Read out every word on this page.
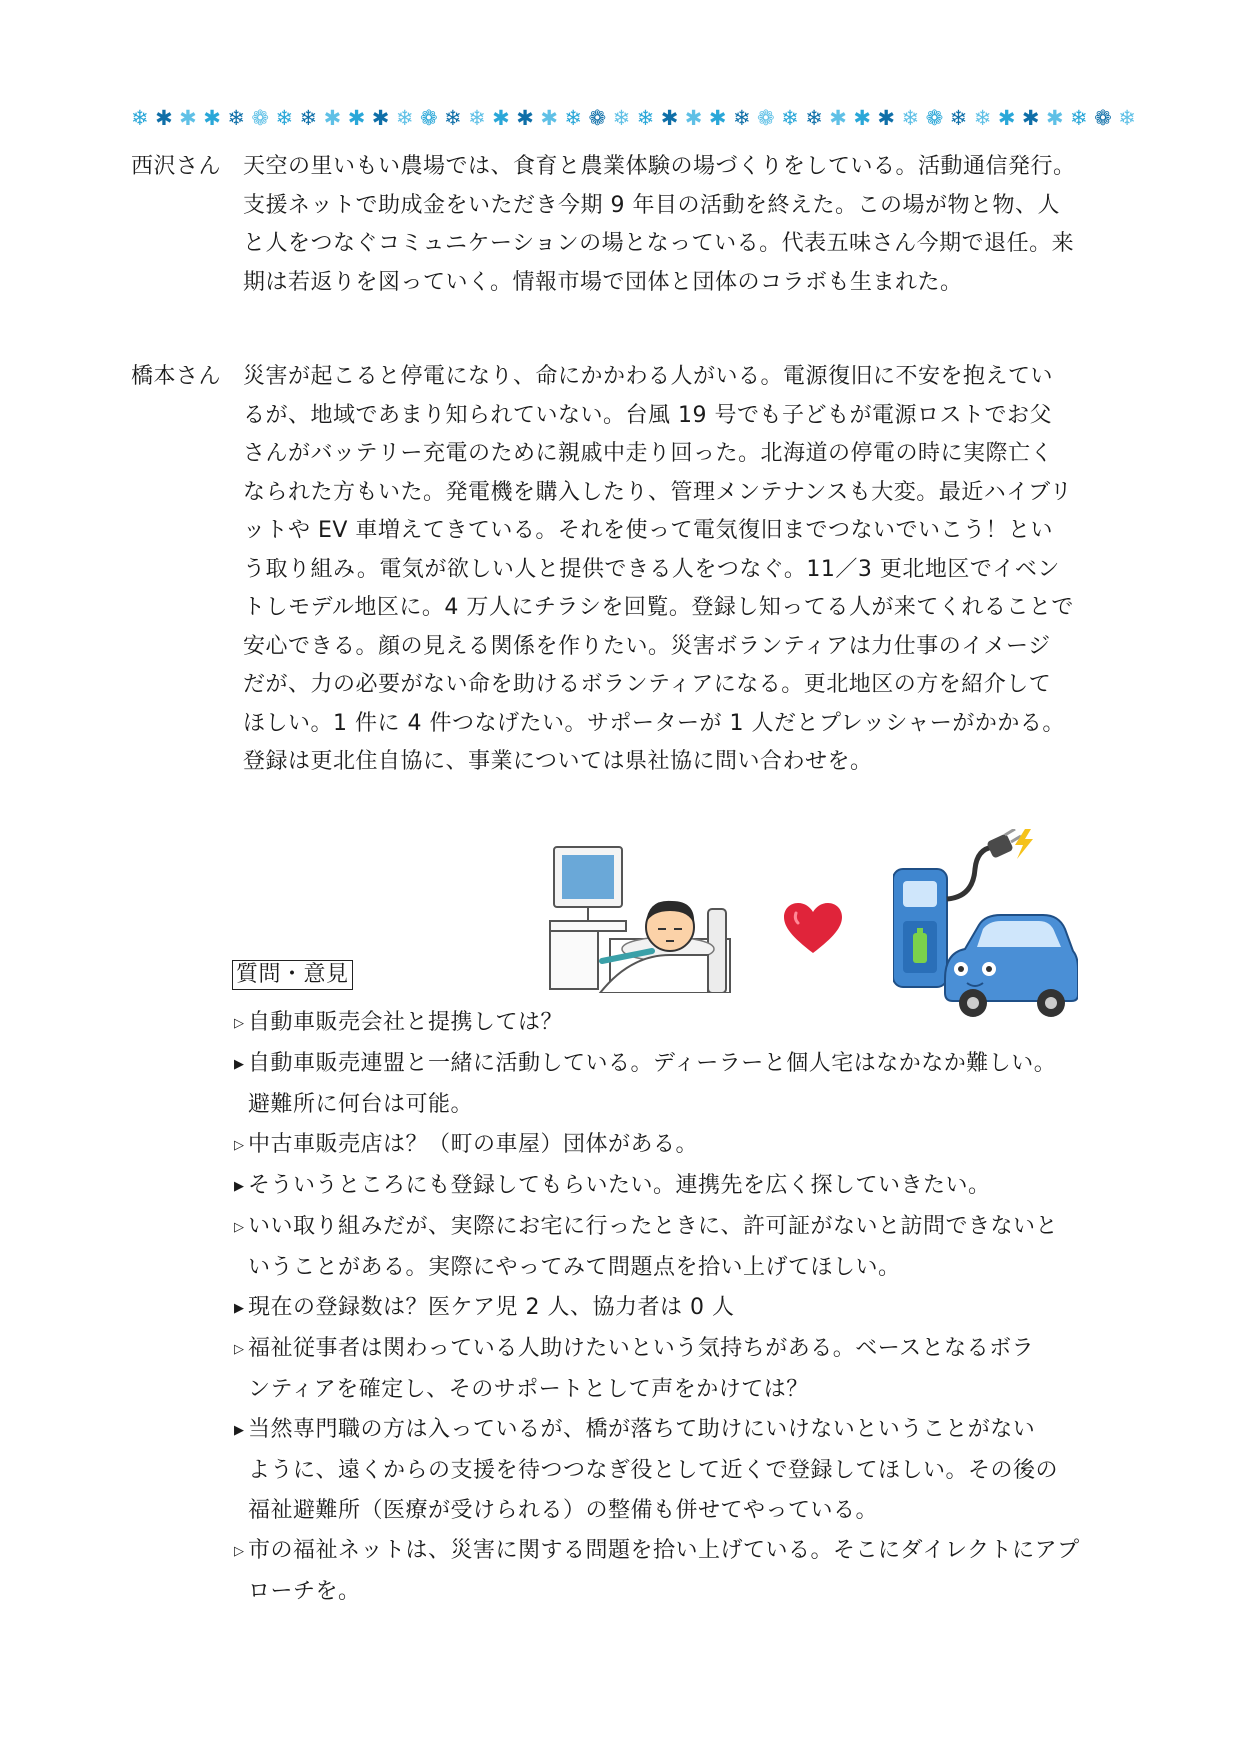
❄ ✱ ✱ ✱ ❄ ❁ ❄ ❄ ✱ ✱ ✱ ❄ ❁ ❄ ❄ ✱ ✱ ✱ ❄ ❁ ❄ ❄ ✱ ✱ ✱ ❄ ❁ ❄ ❄ ✱ ✱ ✱ ❄ ❁ ❄ ❄ ✱ ✱ ✱ ❄ ❁ ❄
西沢さん 天空の里いもい農場では、食育と農業体験の場づくりをしている。活動通信発行。
支援ネットで助成金をいただき今期 9 年目の活動を終えた。この場が物と物、人
と人をつなぐコミュニケーションの場となっている。代表五味さん今期で退任。来
期は若返りを図っていく。情報市場で団体と団体のコラボも生まれた。
橋本さん 災害が起こると停電になり、命にかかわる人がいる。電源復旧に不安を抱えてい
るが、地域であまり知られていない。台風 19 号でも子どもが電源ロストでお父
さんがバッテリー充電のために親戚中走り回った。北海道の停電の時に実際亡く
なられた方もいた。発電機を購入したり、管理メンテナンスも大変。最近ハイブリ
ットや EV 車増えてきている。それを使って電気復旧までつないでいこう！とい
う取り組み。電気が欲しい人と提供できる人をつなぐ。11／3 更北地区でイベン
トしモデル地区に。4 万人にチラシを回覧。登録し知ってる人が来てくれることで
安心できる。顔の見える関係を作りたい。災害ボランティアは力仕事のイメージ
だが、力の必要がない命を助けるボランティアになる。更北地区の方を紹介して
ほしい。1 件に 4 件つなげたい。サポーターが 1 人だとプレッシャーがかかる。
登録は更北住自協に、事業については県社協に問い合わせを。
質問・意見
▷ 自動車販売会社と提携しては？
▶ 自動車販売連盟と一緒に活動している。ディーラーと個人宅はなかなか難しい。
避難所に何台は可能。
▷ 中古車販売店は？（町の車屋）団体がある。
▶ そういうところにも登録してもらいたい。連携先を広く探していきたい。
▷ いい取り組みだが、実際にお宅に行ったときに、許可証がないと訪問できないと
いうことがある。実際にやってみて問題点を拾い上げてほしい。
▶ 現在の登録数は？医ケア児 2 人、協力者は 0 人
▷ 福祉従事者は関わっている人助けたいという気持ちがある。ベースとなるボラ
ンティアを確定し、そのサポートとして声をかけては？
▶ 当然専門職の方は入っているが、橋が落ちて助けにいけないということがない
ように、遠くからの支援を待つつなぎ役として近くで登録してほしい。その後の
福祉避難所（医療が受けられる）の整備も併せてやっている。
▷ 市の福祉ネットは、災害に関する問題を拾い上げている。そこにダイレクトにアプ
ローチを。
